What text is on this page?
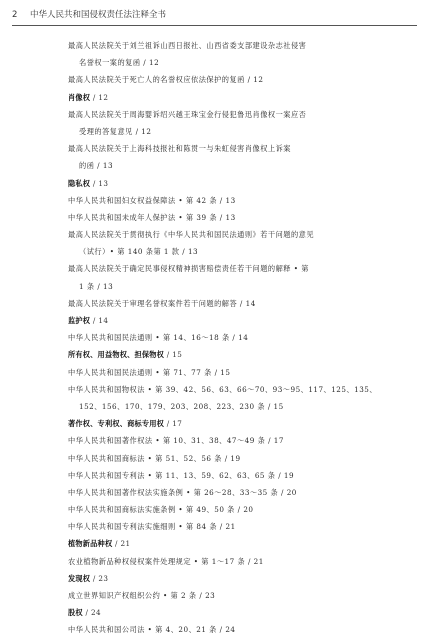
2 中华人民共和国侵权责任法注释全书
最高人民法院关于刘兰祖诉山西日报社、山西省委支部建设杂志社侵害
名誉权一案的复函 / 12
最高人民法院关于死亡人的名誉权应依法保护的复函 / 12
肖像权 / 12
最高人民法院关于周海婴诉绍兴越王珠宝金行侵犯鲁迅肖像权一案应否
受理的答复意见 / 12
最高人民法院关于上海科技报社和陈贯一与朱虹侵害肖像权上诉案
的函 / 13
隐私权 / 13
中华人民共和国妇女权益保障法 • 第 42 条 / 13
中华人民共和国未成年人保护法 • 第 39 条 / 13
最高人民法院关于贯彻执行《中华人民共和国民法通则》若干问题的意见
（试行）• 第 140 条第 1 款 / 13
最高人民法院关于确定民事侵权精神损害赔偿责任若干问题的解释 • 第
1 条 / 13
最高人民法院关于审理名誉权案件若干问题的解答 / 14
监护权 / 14
中华人民共和国民法通则 • 第 14、16～18 条 / 14
所有权、用益物权、担保物权 / 15
中华人民共和国民法通则 • 第 71、77 条 / 15
中华人民共和国物权法 • 第 39、42、56、63、66～70、93～95、117、125、135、
152、156、170、179、203、208、223、230 条 / 15
著作权、专利权、商标专用权 / 17
中华人民共和国著作权法 • 第 10、31、38、47～49 条 / 17
中华人民共和国商标法 • 第 51、52、56 条 / 19
中华人民共和国专利法 • 第 11、13、59、62、63、65 条 / 19
中华人民共和国著作权法实施条例 • 第 26～28、33～35 条 / 20
中华人民共和国商标法实施条例 • 第 49、50 条 / 20
中华人民共和国专利法实施细则 • 第 84 条 / 21
植物新品种权 / 21
农业植物新品种权侵权案件处理规定 • 第 1～17 条 / 21
发现权 / 23
成立世界知识产权组织公约 • 第 2 条 / 23
股权 / 24
中华人民共和国公司法 • 第 4、20、21 条 / 24
